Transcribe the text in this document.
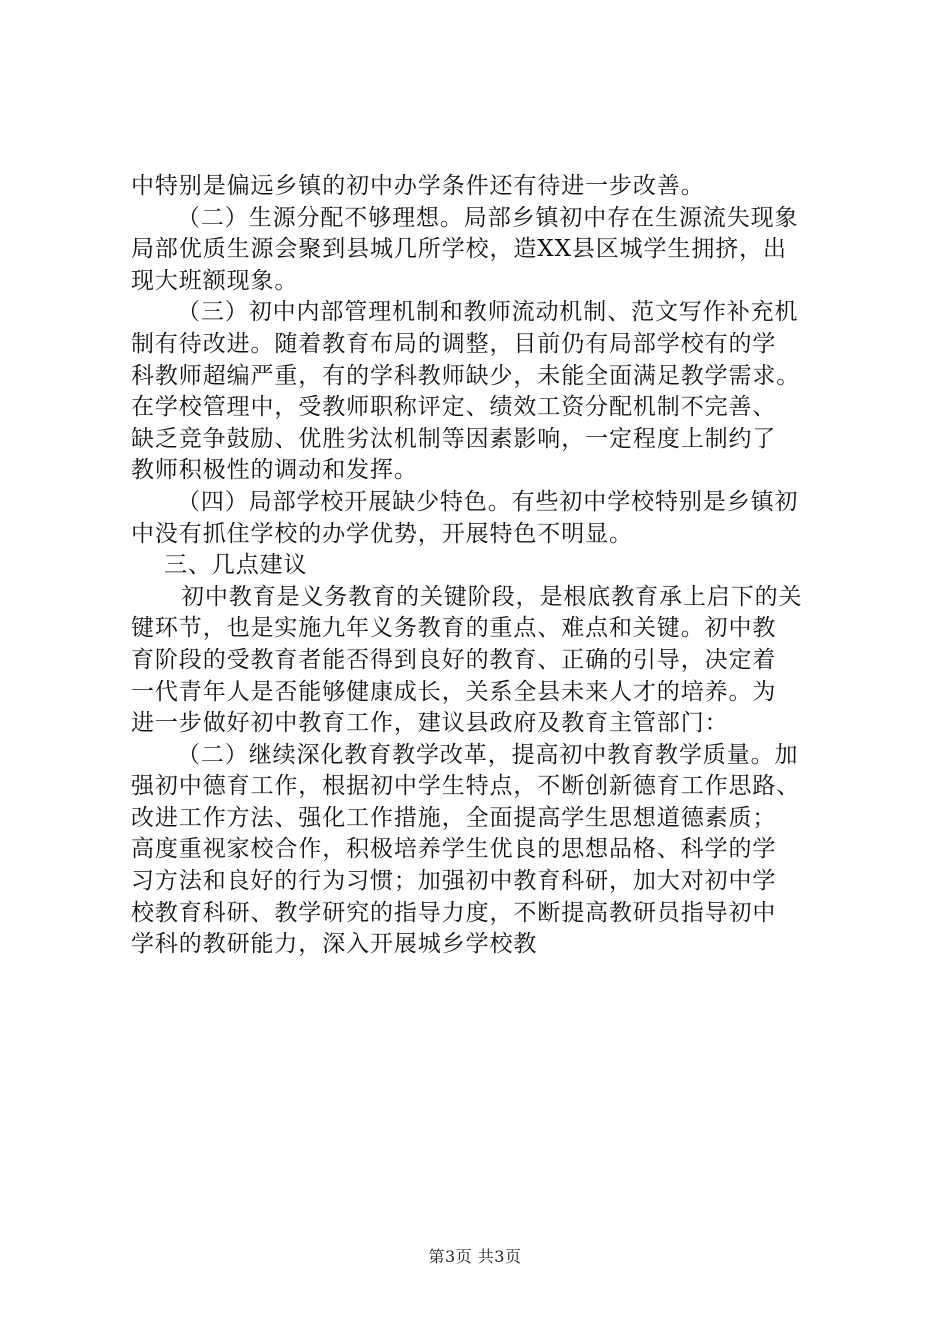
中特别是偏远乡镇的初中办学条件还有待进一步改善。
（二）生源分配不够理想。局部乡镇初中存在生源流失现象
局部优质生源会聚到县城几所学校，造XX县区城学生拥挤，出
现大班额现象。
（三）初中内部管理机制和教师流动机制、范文写作补充机
制有待改进。随着教育布局的调整，目前仍有局部学校有的学
科教师超编严重，有的学科教师缺少，未能全面满足教学需求。
在学校管理中，受教师职称评定、绩效工资分配机制不完善、
缺乏竞争鼓励、优胜劣汰机制等因素影响，一定程度上制约了
教师积极性的调动和发挥。
（四）局部学校开展缺少特色。有些初中学校特别是乡镇初
中没有抓住学校的办学优势，开展特色不明显。
三、几点建议
初中教育是义务教育的关键阶段，是根底教育承上启下的关
键环节，也是实施九年义务教育的重点、难点和关键。初中教
育阶段的受教育者能否得到良好的教育、正确的引导，决定着
一代青年人是否能够健康成长，关系全县未来人才的培养。为
进一步做好初中教育工作，建议县政府及教育主管部门：
（二）继续深化教育教学改革，提高初中教育教学质量。加
强初中德育工作，根据初中学生特点，不断创新德育工作思路、
改进工作方法、强化工作措施，全面提高学生思想道德素质；
高度重视家校合作，积极培养学生优良的思想品格、科学的学
习方法和良好的行为习惯；加强初中教育科研，加大对初中学
校教育科研、教学研究的指导力度，不断提高教研员指导初中
学科的教研能力，深入开展城乡学校教
第3页 共3页
